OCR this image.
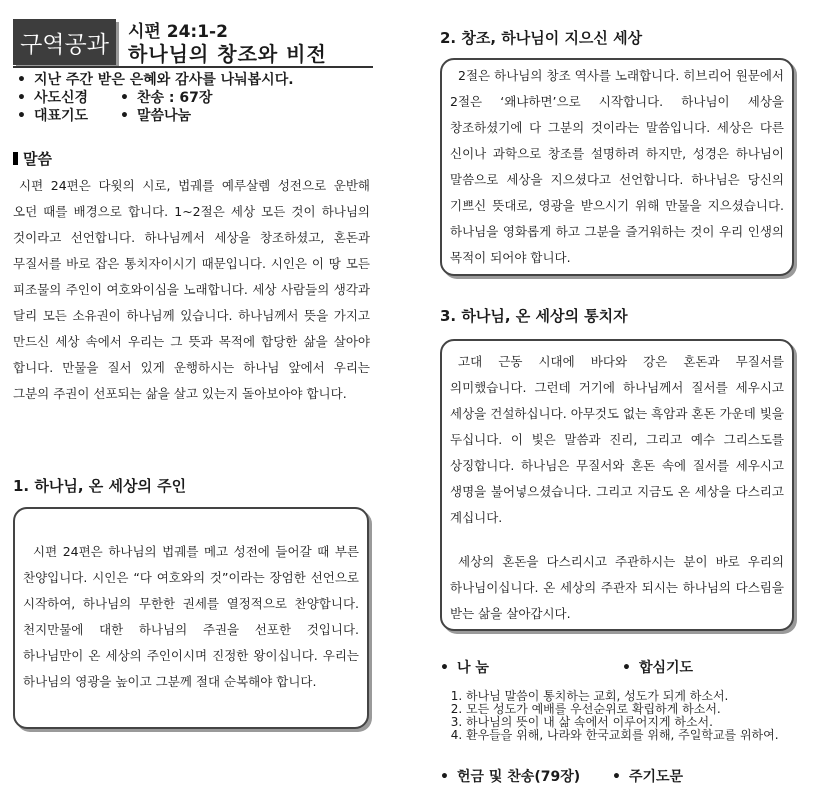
구역공과	시편 24:1-2
하나님의 창조와 비전
• 지난 주간 받은 은혜와 감사를 나눠봅시다.
• 사도신경	• 찬송 : 67장
• 대표기도	• 말씀나눔
말씀
시편 24편은 다윗의 시로, 법궤를 예루살렘 성전으로 운반해 오던 때를 배경으로 합니다. 1~2절은 세상 모든 것이 하나님의 것이라고 선언합니다. 하나님께서 세상을 창조하셨고, 혼돈과 무질서를 바로 잡은 통치자이시기 때문입니다. 시인은 이 땅 모든 피조물의 주인이 여호와이심을 노래합니다. 세상 사람들의 생각과 달리 모든 소유권이 하나님께 있습니다. 하나님께서 뜻을 가지고 만드신 세상 속에서 우리는 그 뜻과 목적에 합당한 삶을 살아야 합니다. 만물을 질서 있게 운행하시는 하나님 앞에서 우리는 그분의 주권이 선포되는 삶을 살고 있는지 돌아보아야 합니다.
1. 하나님, 온 세상의 주인
시편 24편은 하나님의 법궤를 메고 성전에 들어갈 때 부른 찬양입니다. 시인은 “다 여호와의 것”이라는 장엄한 선언으로 시작하여, 하나님의 무한한 권세를 열정적으로 찬양합니다. 천지만물에 대한 하나님의 주권을 선포한 것입니다. 하나님만이 온 세상의 주인이시며 진정한 왕이십니다. 우리는 하나님의 영광을 높이고 그분께 절대 순복해야 합니다.
2. 창조, 하나님이 지으신 세상
2절은 하나님의 창조 역사를 노래합니다. 히브리어 원문에서 2절은 ‘왜냐하면’으로 시작합니다. 하나님이 세상을 창조하셨기에 다 그분의 것이라는 말씀입니다. 세상은 다른 신이나 과학으로 창조를 설명하려 하지만, 성경은 하나님이 말씀으로 세상을 지으셨다고 선언합니다. 하나님은 당신의 기쁘신 뜻대로, 영광을 받으시기 위해 만물을 지으셨습니다. 하나님을 영화롭게 하고 그분을 즐거워하는 것이 우리 인생의 목적이 되어야 합니다.
3. 하나님, 온 세상의 통치자
고대 근동 시대에 바다와 강은 혼돈과 무질서를 의미했습니다. 그런데 거기에 하나님께서 질서를 세우시고 세상을 건설하십니다. 아무것도 없는 흑암과 혼돈 가운데 빛을 두십니다. 이 빛은 말씀과 진리, 그리고 예수 그리스도를 상징합니다. 하나님은 무질서와 혼돈 속에 질서를 세우시고 생명을 불어넣으셨습니다. 그리고 지금도 온 세상을 다스리고 계십니다.
세상의 혼돈을 다스리시고 주관하시는 분이 바로 우리의 하나님이십니다. 온 세상의 주관자 되시는 하나님의 다스림을 받는 삶을 살아갑시다.
• 나 눔	• 합심기도
1. 하나님 말씀이 통치하는 교회, 성도가 되게 하소서.
2. 모든 성도가 예배를 우선순위로 확립하게 하소서.
3. 하나님의 뜻이 내 삶 속에서 이루어지게 하소서.
4. 환우들을 위해, 나라와 한국교회를 위해, 주일학교를 위하여.
• 헌금 및 찬송(79장)	• 주기도문
